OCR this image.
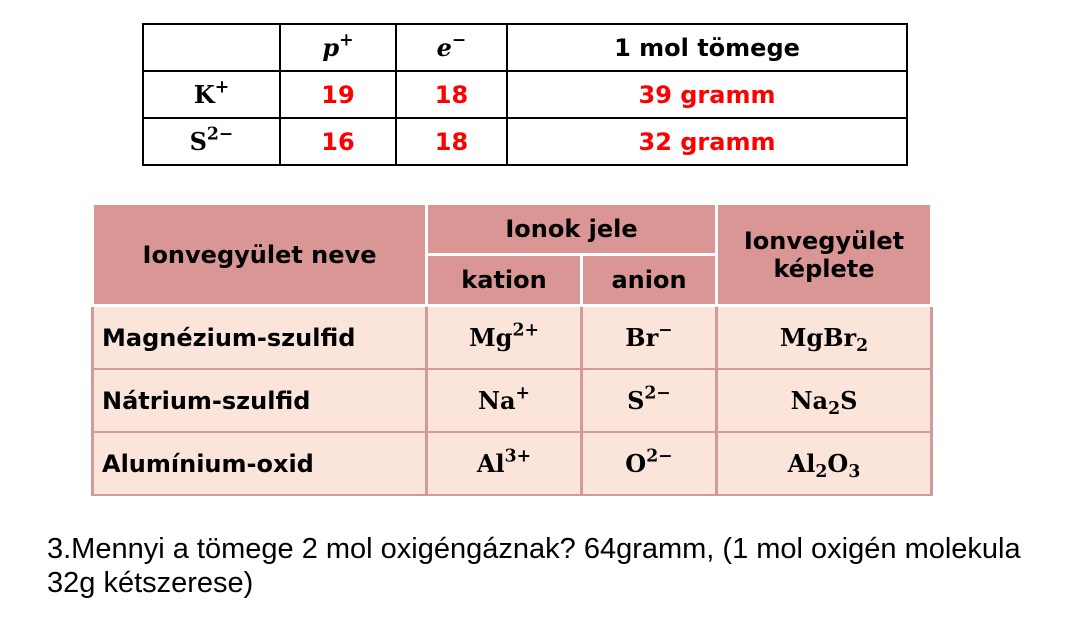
	p+	e−	1 mol tömege
K+	19	18	39 gramm
$S^{2-}$	16	18	32 gramm
Ionvegyület neve	Ionok jele		Ionvegyület képlete
	kation	anion	
Magnézium-szulfid	$Mg^{2+}$	Br−	MgBr$_2$
Nátrium-szulfid	Na+	$S^{2-}$	$Na_2S$
Alumínium-oxid	$Al^{3+}$	$O^{2-}$	$Al_2O_3$

3.Mennyi a tömege 2 mol oxigéngáznak? 64gramm, (1 mol oxigén molekula 32g kétszerese)
